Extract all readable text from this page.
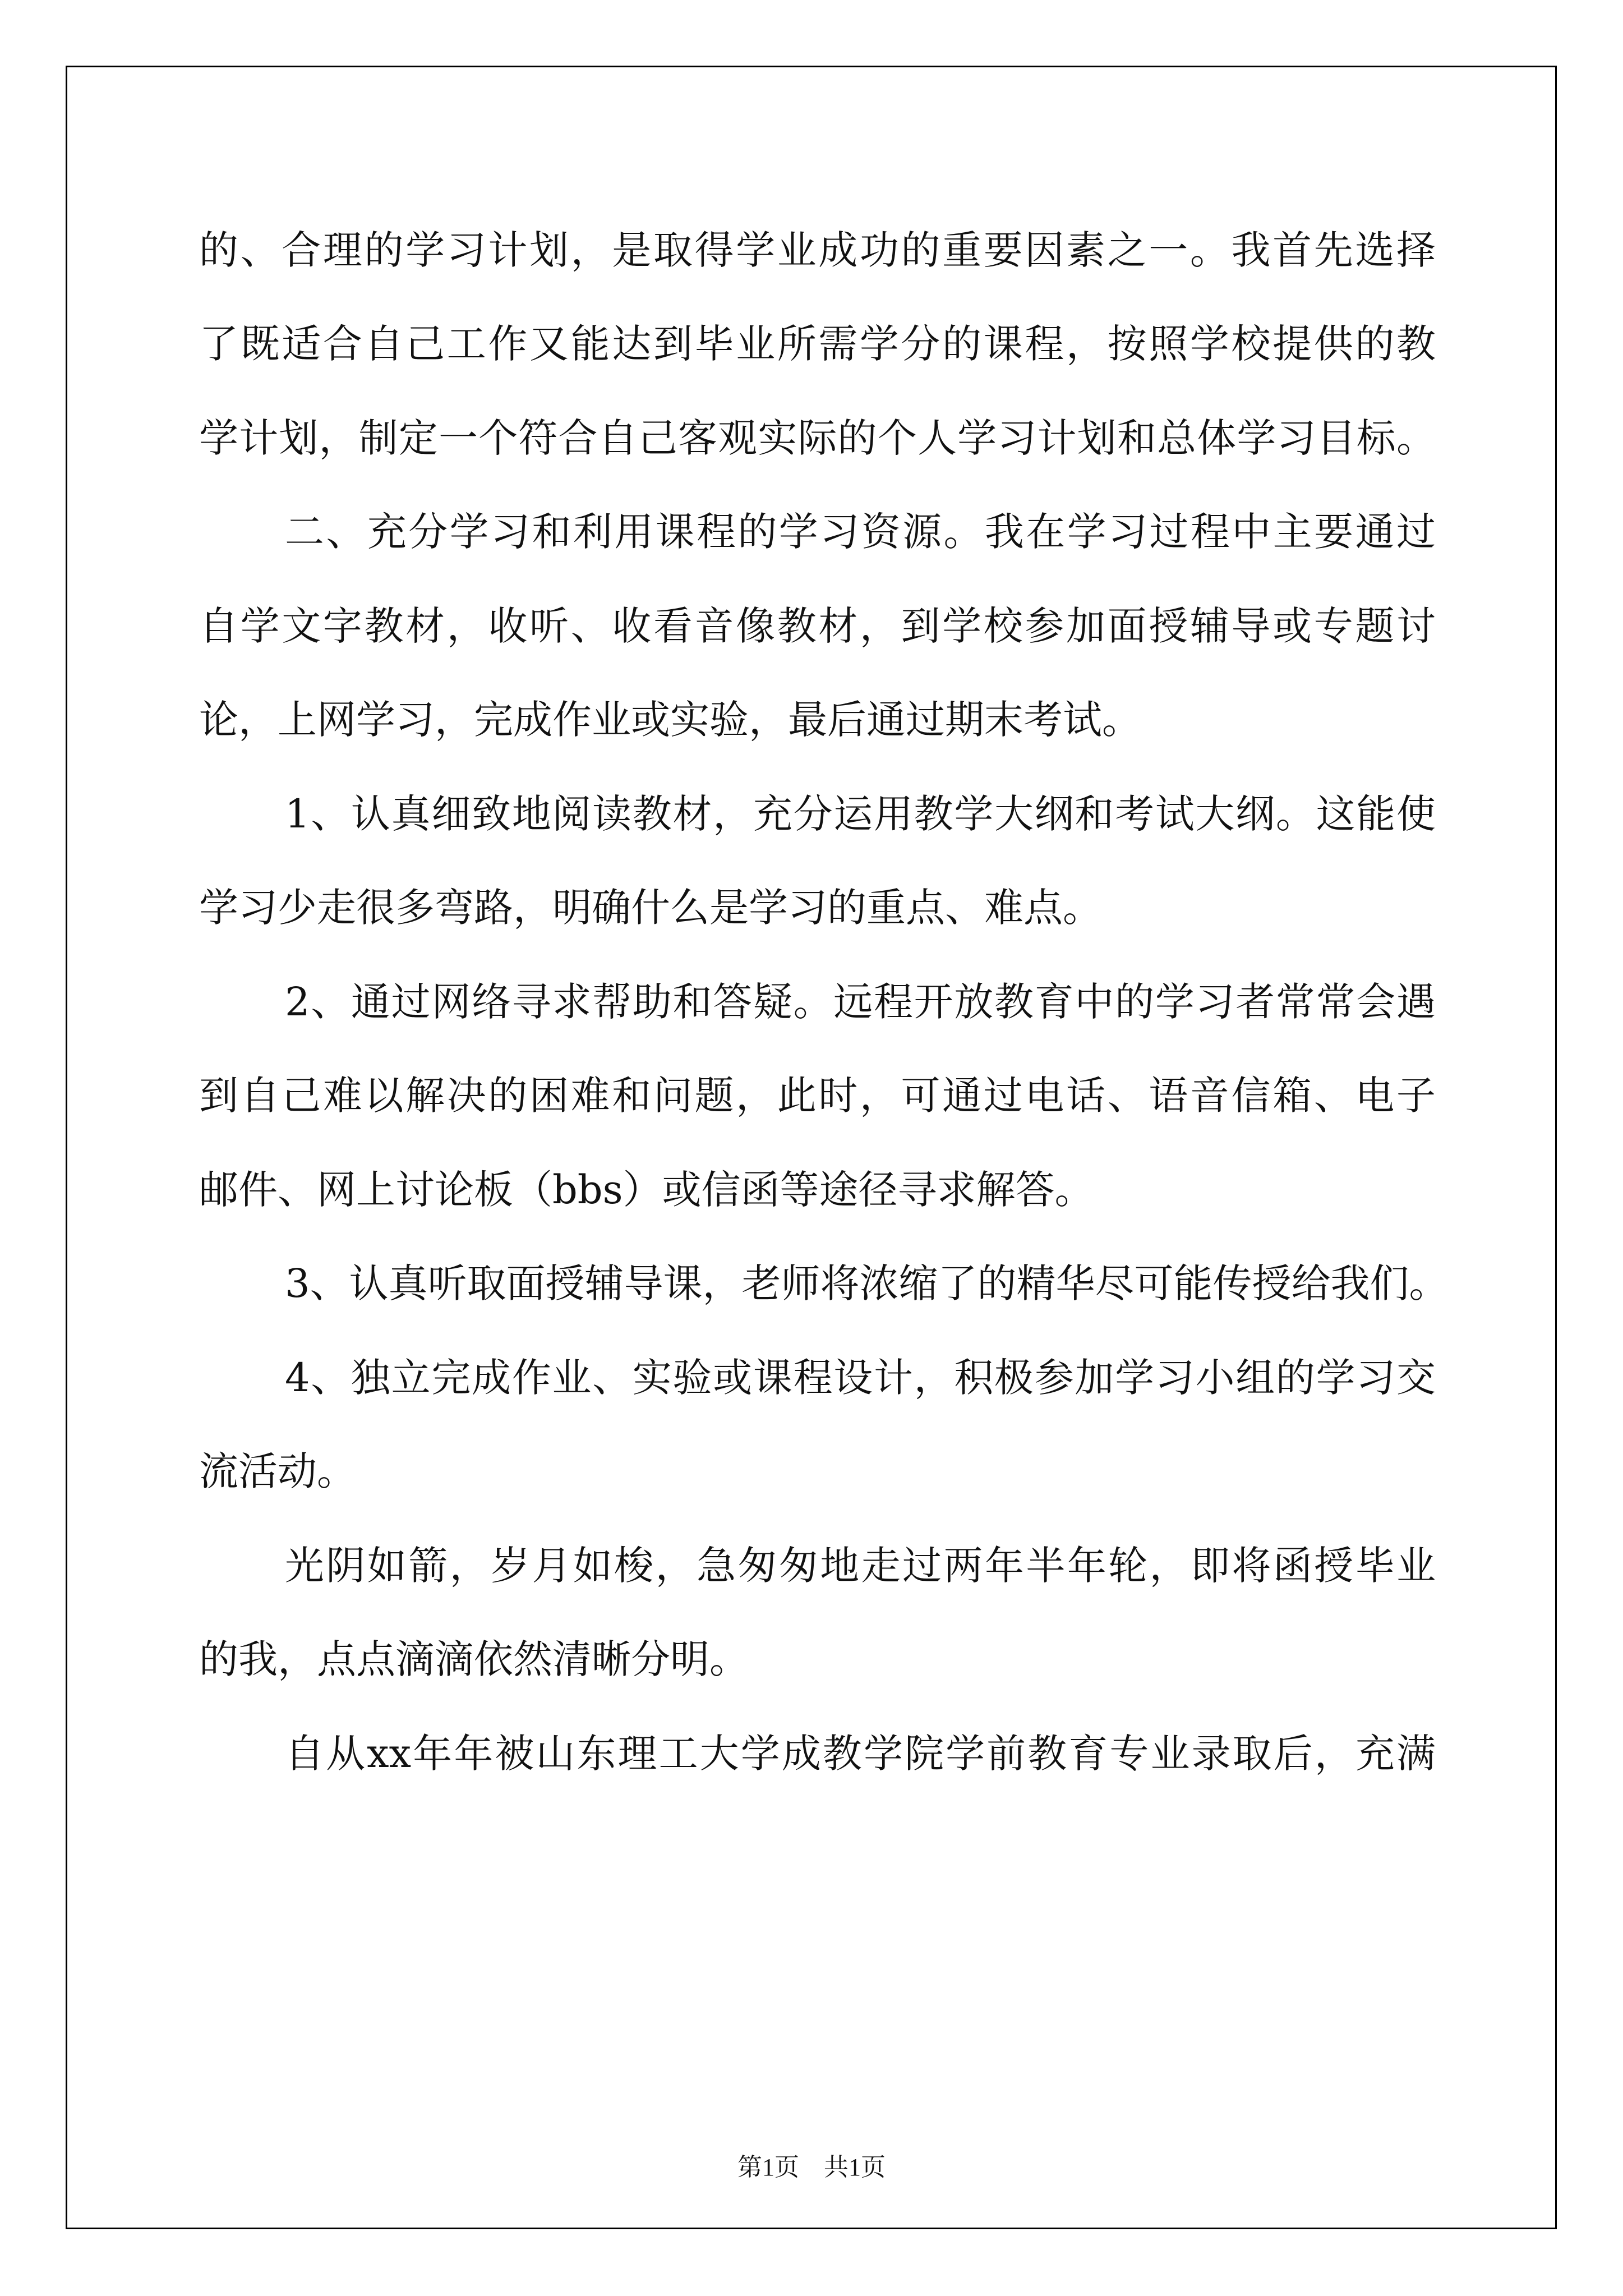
的、合理的学习计划，是取得学业成功的重要因素之一。我首先选择

了既适合自己工作又能达到毕业所需学分的课程，按照学校提供的教

学计划，制定一个符合自己客观实际的个人学习计划和总体学习目标。

二、充分学习和利用课程的学习资源。我在学习过程中主要通过

自学文字教材，收听、收看音像教材，到学校参加面授辅导或专题讨

论，上网学习，完成作业或实验，最后通过期末考试。

1、认真细致地阅读教材，充分运用教学大纲和考试大纲。这能使

学习少走很多弯路，明确什么是学习的重点、难点。

2、通过网络寻求帮助和答疑。远程开放教育中的学习者常常会遇

到自己难以解决的困难和问题，此时，可通过电话、语音信箱、电子

邮件、网上讨论板（bbs）或信函等途径寻求解答。

3、认真听取面授辅导课，老师将浓缩了的精华尽可能传授给我们。

4、独立完成作业、实验或课程设计，积极参加学习小组的学习交

流活动。

光阴如箭，岁月如梭，急匆匆地走过两年半年轮，即将函授毕业

的我，点点滴滴依然清晰分明。

自从xx年年被山东理工大学成教学院学前教育专业录取后，充满

第1页　共1页
